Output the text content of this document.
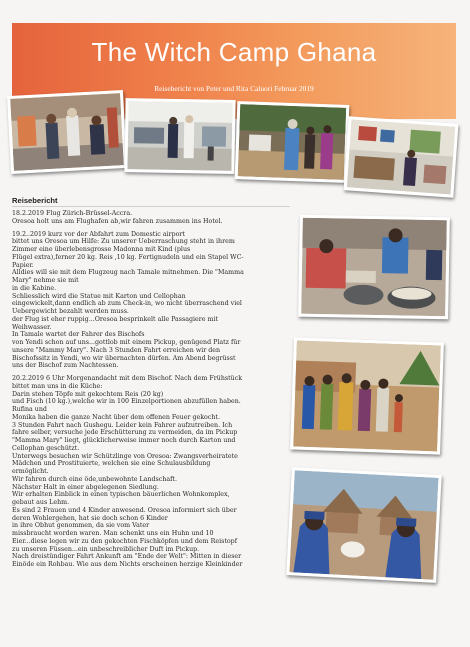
The Witch Camp Ghana
Reisebericht von Peter und Rita Caluori Februar 2019
Reisebericht

18.2.2019 Flug Zürich-Brüssel-Accra.

Oresoa holt uns am Flughafen ab,wir fahren zusammen ins Hotel.

19.2..2019 kurz vor der Abfahrt zum Domestic airport

bittet uns Oresoa um Hilfe: Zu unserer Ueberraschung steht in ihrem

Zimmer eine überlebensgrosse Madonna mit Kind (plus

Flügel extra),ferner 20 kg. Reis ,10 kg. Fertignudeln und ein Stapel WC-

Papier.

Alldies will sie mit dem Flugzeug nach Tamale mitnehmen. Die "Mamma

Mary" nehme sie mit

in die Kabine.

Schliesslich wird die Statue mit Karton und Cellophan

eingewickelt,dann endlich ab zum Check-in, wo nicht überraschend viel

Uebergewicht bezahlt werden muss.

der Flug ist eher ruppig...Oresoa besprinkelt alle Passagiere mit

Weihwasser.

In Tamale wartet der Fahrer des Bischofs

von Yendi schon auf uns...gottlob mit einem Pickup, genügend Platz für

unsere "Mammy Mary". Nach 3 Stunden Fahrt erreichen wir den

Bischofssitz in Yendi, wo wir übernachten dürfen. Am Abend begrüsst

uns der Bischof zum Nachtessen.

20.2.2019 6 Uhr Morgenandacht mit dem Bischof. Nach dem Frühstück

bittet man uns in die Küche:

Darin stehen Töpfe mit gekochtem Reis (20 kg)

und Fisch (10 kg.),welche wir in 100 Einzelportionen abzufüllen haben.

Rufina und

Monika haben die ganze Nacht über dem offenen Feuer gekocht.

3 Stunden Fahrt nach Gushegu. Leider kein Fahrer aufzutreiben. Ich

fahre selber, versuche jede Erschütterung zu vermeiden, da im Pickup

"Mamma Mary" liegt, glücklicherweise immer noch durch Karton und

Cellophan geschützt.

Unterwegs besuchen wir Schützlinge von Oresoa: Zwangsverheiratete

Mädchen und Prostituierte, welchen sie eine Schulausbildung

ermöglicht.

Wir fahren durch eine öde,unbewohnte Landschaft.

Nächster Halt in einer abgelegenen Siedlung.

Wir erhalten Einblick in einen typischen bäuerlichen Wohnkomplex,

gebaut aus Lehm.

Es sind 2 Frauen und 4 Kinder anwesend. Oresoa informiert sich über

deren Wohlergehen, hat sie doch schon 6 Kinder

in ihre Obhut genommen, da sie vom Vater

missbraucht worden waren. Man schenkt uns ein Huhn und 10

Eier...diese legen wir zu den gekochten Fischköpfen und dem Reistopf

zu unseren Füssen...ein unbeschreiblicher Duft im Pickup.

Nach dreistündiger Fahrt Ankunft am "Ende der Welt": Mitten in dieser

Einöde ein Rohbau. Wie aus dem Nichts erscheinen herzige Kleinkinder
